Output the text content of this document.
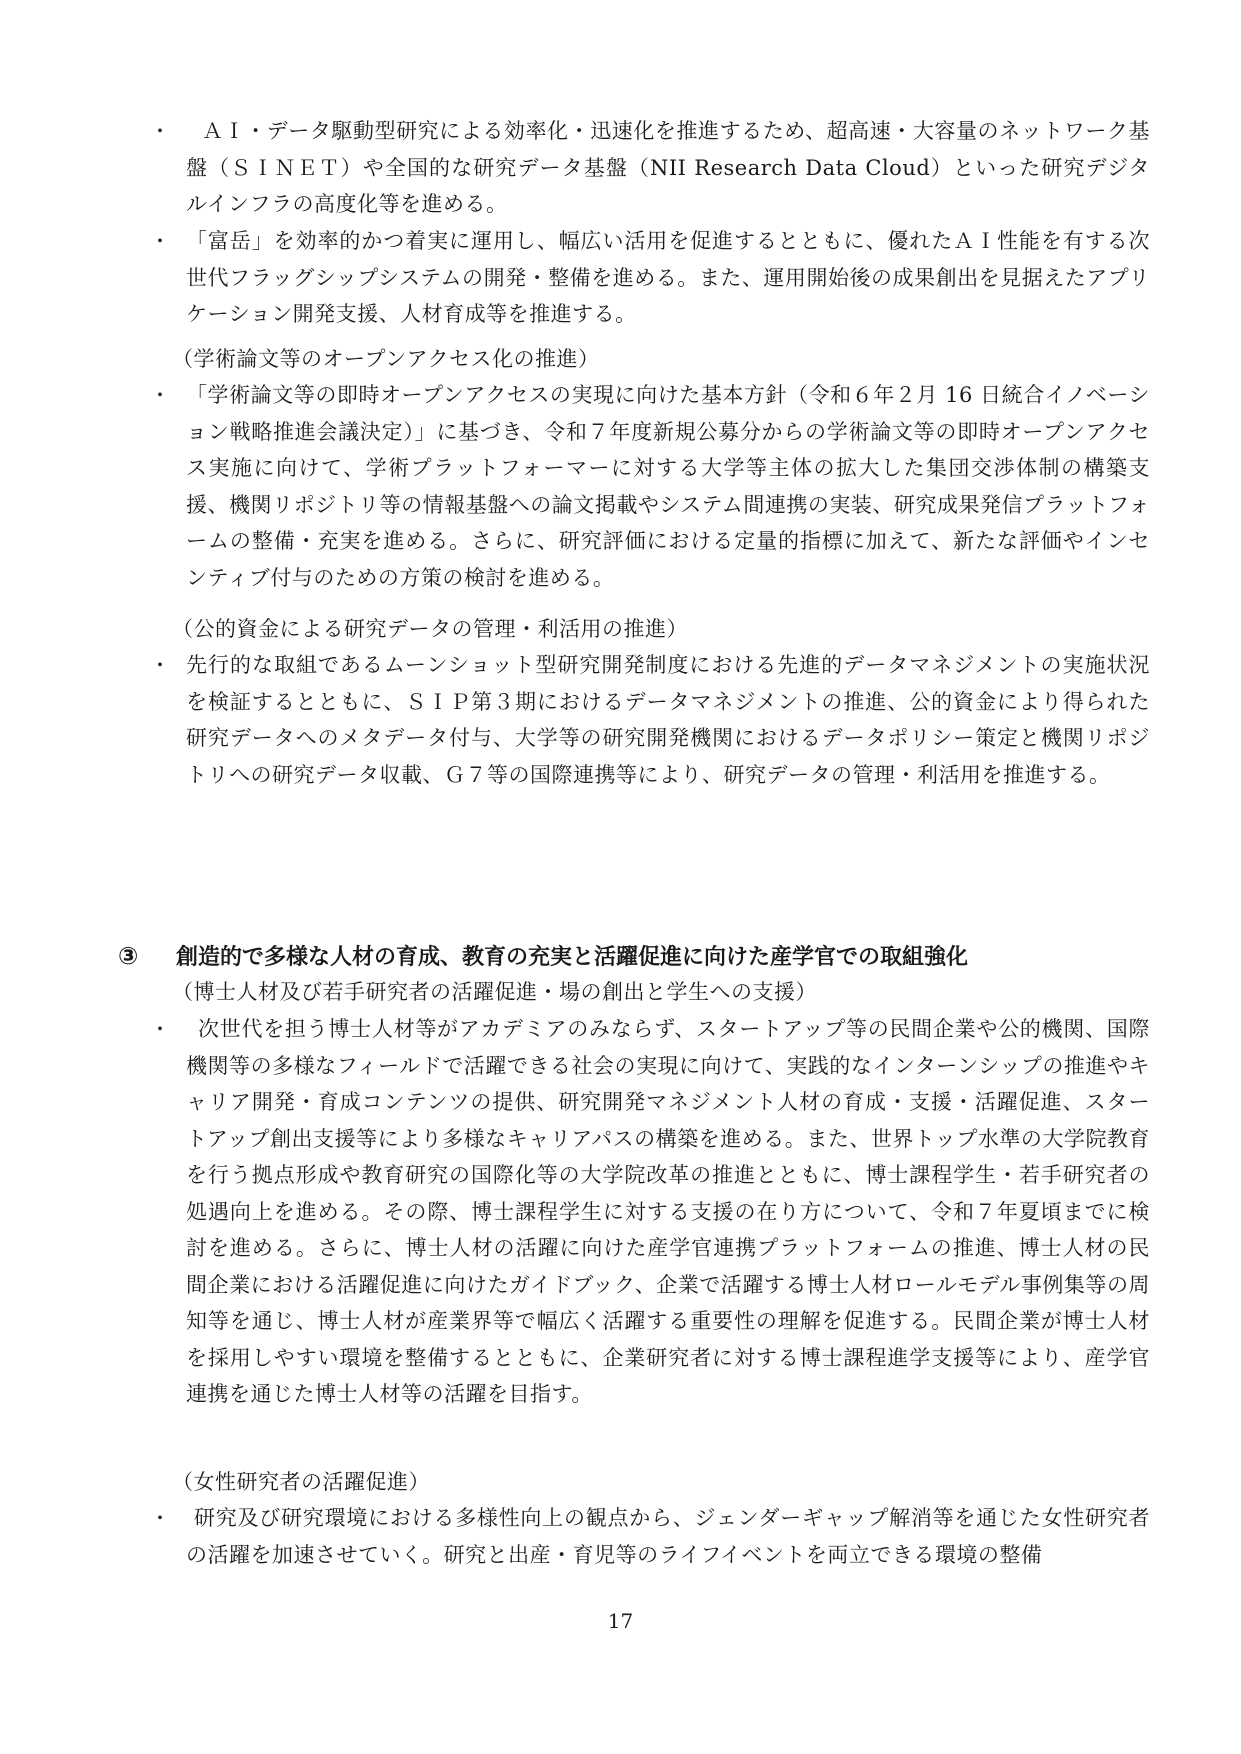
・	ＡＩ・データ駆動型研究による効率化・迅速化を推進するため、超高速・大容量のネットワーク基盤（ＳＩＮＥＴ）や全国的な研究データ基盤（NII Research Data Cloud）といった研究デジタルインフラの高度化等を進める。
・ 「富岳」を効率的かつ着実に運用し、幅広い活用を促進するとともに、優れたＡＩ性能を有する次世代フラッグシップシステムの開発・整備を進める。また、運用開始後の成果創出を見据えたアプリケーション開発支援、人材育成等を推進する。
（学術論文等のオープンアクセス化の推進）
・ 「学術論文等の即時オープンアクセスの実現に向けた基本方針（令和６年２月 16 日統合イノベーション戦略推進会議決定）」に基づき、令和７年度新規公募分からの学術論文等の即時オープンアクセス実施に向けて、学術プラットフォーマーに対する大学等主体の拡大した集団交渉体制の構築支援、機関リポジトリ等の情報基盤への論文掲載やシステム間連携の実装、研究成果発信プラットフォームの整備・充実を進める。さらに、研究評価における定量的指標に加えて、新たな評価やインセンティブ付与のための方策の検討を進める。
（公的資金による研究データの管理・利活用の推進）
・ 先行的な取組であるムーンショット型研究開発制度における先進的データマネジメントの実施状況を検証するとともに、ＳＩＰ第３期におけるデータマネジメントの推進、公的資金により得られた研究データへのメタデータ付与、大学等の研究開発機関におけるデータポリシー策定と機関リポジトリへの研究データ収載、Ｇ７等の国際連携等により、研究データの管理・利活用を推進する。
③ 創造的で多様な人材の育成、教育の充実と活躍促進に向けた産学官での取組強化
（博士人材及び若手研究者の活躍促進・場の創出と学生への支援）
・	次世代を担う博士人材等がアカデミアのみならず、スタートアップ等の民間企業や公的機関、国際機関等の多様なフィールドで活躍できる社会の実現に向けて、実践的なインターンシップの推進やキャリア開発・育成コンテンツの提供、研究開発マネジメント人材の育成・支援・活躍促進、スタートアップ創出支援等により多様なキャリアパスの構築を進める。また、世界トップ水準の大学院教育を行う拠点形成や教育研究の国際化等の大学院改革の推進とともに、博士課程学生・若手研究者の処遇向上を進める。その際、博士課程学生に対する支援の在り方について、令和７年夏頃までに検討を進める。さらに、博士人材の活躍に向けた産学官連携プラットフォームの推進、博士人材の民間企業における活躍促進に向けたガイドブック、企業で活躍する博士人材ロールモデル事例集等の周知等を通じ、博士人材が産業界等で幅広く活躍する重要性の理解を促進する。民間企業が博士人材を採用しやすい環境を整備するとともに、企業研究者に対する博士課程進学支援等により、産学官連携を通じた博士人材等の活躍を目指す。
（女性研究者の活躍促進）
・	研究及び研究環境における多様性向上の観点から、ジェンダーギャップ解消等を通じた女性研究者の活躍を加速させていく。研究と出産・育児等のライフイベントを両立できる環境の整備
17
